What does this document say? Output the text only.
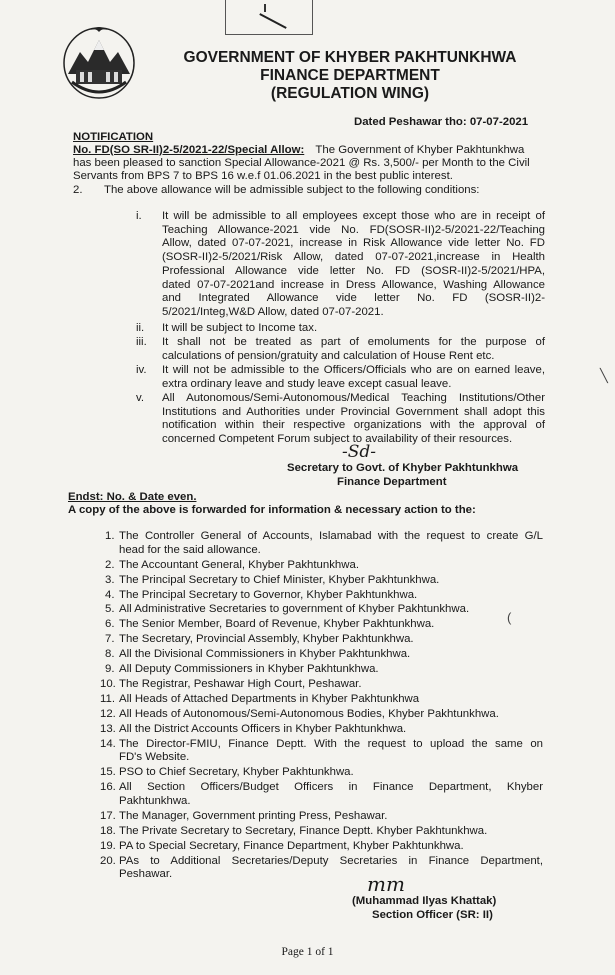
GOVERNMENT OF KHYBER PAKHTUNKHWA
FINANCE DEPARTMENT
(REGULATION WING)
Dated Peshawar tho: 07-07-2021
NOTIFICATION
No. FD(SO SR-II)2-5/2021-22/Special Allow: The Government of Khyber Pakhtunkhwa
has been pleased to sanction Special Allowance-2021 @ Rs. 3,500/- per Month to the Civil
Servants from BPS 7 to BPS 16 w.e.f 01.06.2021 in the best public interest.
2. The above allowance will be admissible subject to the following conditions:
i. It will be admissible to all employees except those who are in receipt of
Teaching Allowance-2021 vide No. FD(SOSR-II)2-5/2021-22/Teaching
Allow, dated 07-07-2021, increase in Risk Allowance vide letter No. FD
(SOSR-II)2-5/2021/Risk Allow, dated 07-07-2021,increase in Health
Professional Allowance vide letter No. FD (SOSR-II)2-5/2021/HPA,
dated 07-07-2021and increase in Dress Allowance, Washing Allowance
and Integrated Allowance vide letter No. FD (SOSR-II)2-
5/2021/Integ,W&D Allow, dated 07-07-2021.
ii. It will be subject to Income tax.
iii. It shall not be treated as part of emoluments for the purpose of
calculations of pension/gratuity and calculation of House Rent etc.
iv. It will not be admissible to the Officers/Officials who are on earned leave,
extra ordinary leave and study leave except casual leave.
v. All Autonomous/Semi-Autonomous/Medical Teaching Institutions/Other
Institutions and Authorities under Provincial Government shall adopt this
notification within their respective organizations with the approval of
concerned Competent Forum subject to availability of their resources.
-Sd-
Secretary to Govt. of Khyber Pakhtunkhwa
Finance Department
Endst: No. & Date even.
A copy of the above is forwarded for information & necessary action to the:
1. The Controller General of Accounts, Islamabad with the request to create G/L
head for the said allowance.
2. The Accountant General, Khyber Pakhtunkhwa.
3. The Principal Secretary to Chief Minister, Khyber Pakhtunkhwa.
4. The Principal Secretary to Governor, Khyber Pakhtunkhwa.
5. All Administrative Secretaries to government of Khyber Pakhtunkhwa.
6. The Senior Member, Board of Revenue, Khyber Pakhtunkhwa.
7. The Secretary, Provincial Assembly, Khyber Pakhtunkhwa.
8. All the Divisional Commissioners in Khyber Pakhtunkhwa.
9. All Deputy Commissioners in Khyber Pakhtunkhwa.
10. The Registrar, Peshawar High Court, Peshawar.
11. All Heads of Attached Departments in Khyber Pakhtunkhwa
12. All Heads of Autonomous/Semi-Autonomous Bodies, Khyber Pakhtunkhwa.
13. All the District Accounts Officers in Khyber Pakhtunkhwa.
14. The Director-FMIU, Finance Deptt. With the request to upload the same on
FD's Website.
15. PSO to Chief Secretary, Khyber Pakhtunkhwa.
16. All Section Officers/Budget Officers in Finance Department, Khyber
Pakhtunkhwa.
17. The Manager, Government printing Press, Peshawar.
18. The Private Secretary to Secretary, Finance Deptt. Khyber Pakhtunkhwa.
19. PA to Special Secretary, Finance Department, Khyber Pakhtunkhwa.
20. PAs to Additional Secretaries/Deputy Secretaries in Finance Department,
Peshawar.
(
╲
mm
(Muhammad Ilyas Khattak)
Section Officer (SR: II)
Page 1 of 1
